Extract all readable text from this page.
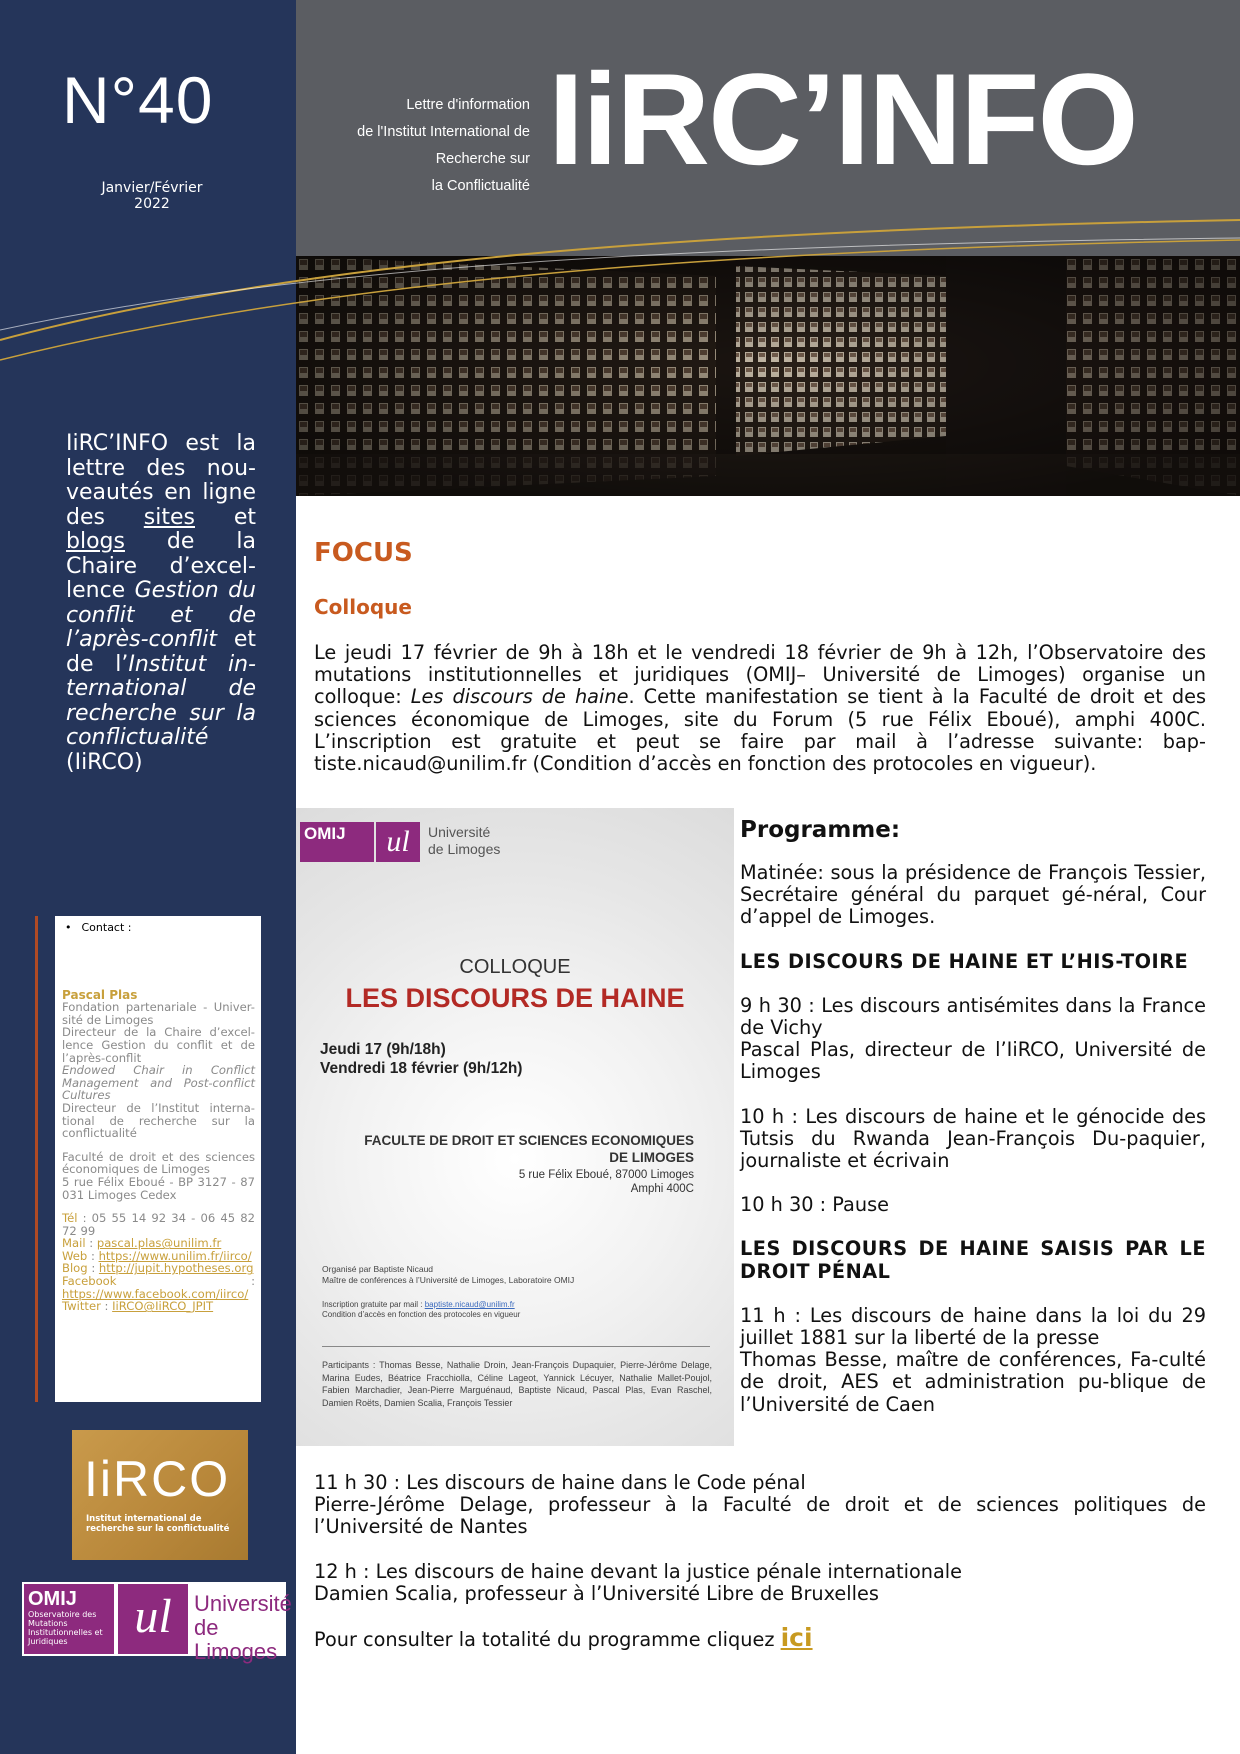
N°40
Janvier/Février
2022
IiRC’INFO est la lettre des nou-veautés en ligne des sites et blogs de la Chaire d’excel-lence Gestion du conflit et de l’après-conflit et de l’Institut in-ternational de recherche sur la conflictualité (IiRCO)
• Contact :
Pascal Plas

Fondation partenariale - Univer-sité de Limoges

Directeur de la Chaire d’excel-lence Gestion du conflit et de l’après-conflit

Endowed Chair in Conflict Management and Post-conflict Cultures

Directeur de l’Institut interna-tional de recherche sur la conflictualité

Faculté de droit et des sciences économiques de Limoges

5 rue Félix Eboué - BP 3127 - 87 031 Limoges Cedex

Tél : 05 55 14 92 34 - 06 45 82 72 99

Mail : pascal.plas@unilim.fr

Web : https://www.unilim.fr/iirco/

Blog : http://jupit.hypotheses.org

Facebook : https://www.facebook.com/iirco/

Twitter : IiRCO@IiRCO_JPIT

IiRCO
Institut international de recherche sur la conflictualité
OMIJ
Observatoire des Mutations Institutionnelles et Juridiques	ul	Université
de Limoges
Lettre d'information
de l'Institut International de
Recherche sur
la Conflictualité IiRC’INFO
FOCUS
Colloque
Le jeudi 17 février de 9h à 18h et le vendredi 18 février de 9h à 12h, l’Observatoire des mutations institutionnelles et juridiques (OMIJ– Université de Limoges) organise un colloque: Les discours de haine. Cette manifestation se tient à la Faculté de droit et des sciences économique de Limoges, site du Forum (5 rue Félix Eboué), amphi 400C. L’inscription est gratuite et peut se faire par mail à l’adresse suivante: bap-tiste.nicaud@unilim.fr (Condition d’accès en fonction des protocoles en vigueur).
OMIJ	ul	Université
de Limoges
COLLOQUE
LES DISCOURS DE HAINE
Jeudi 17 (9h/18h)
Vendredi 18 février (9h/12h)
FACULTE DE DROIT ET SCIENCES ECONOMIQUES
DE LIMOGES
5 rue Félix Eboué, 87000 Limoges
Amphi 400C
Organisé par Baptiste Nicaud
Maître de conférences à l’Université de Limoges, Laboratoire OMIJ
Inscription gratuite par mail : baptiste.nicaud@unilim.fr
Condition d’accès en fonction des protocoles en vigueur
Participants : Thomas Besse, Nathalie Droin, Jean-François Dupaquier, Pierre-Jérôme Delage, Marina Eudes, Béatrice Fracchiolla, Céline Lageot, Yannick Lécuyer, Nathalie Mallet-Poujol, Fabien Marchadier, Jean-Pierre Marguénaud, Baptiste Nicaud, Pascal Plas, Evan Raschel, Damien Roëts, Damien Scalia, François Tessier
Programme:

Matinée: sous la présidence de François Tessier, Secrétaire général du parquet gé-néral, Cour d’appel de Limoges.

LES DISCOURS DE HAINE ET L’HIS-TOIRE

9 h 30 : Les discours antisémites dans la France de Vichy
Pascal Plas, directeur de l’IiRCO, Université de Limoges

10 h : Les discours de haine et le génocide des Tutsis du Rwanda Jean-François Du-paquier, journaliste et écrivain

10 h 30 : Pause

LES DISCOURS DE HAINE SAISIS PAR LE DROIT PÉNAL

11 h : Les discours de haine dans la loi du 29 juillet 1881 sur la liberté de la presse
Thomas Besse, maître de conférences, Fa-culté de droit, AES et administration pu-blique de l’Université de Caen

11 h 30 : Les discours de haine dans le Code pénal
Pierre-Jérôme Delage, professeur à la Faculté de droit et de sciences politiques de l’Université de Nantes

12 h : Les discours de haine devant la justice pénale internationale
Damien Scalia, professeur à l’Université Libre de Bruxelles

Pour consulter la totalité du programme cliquez ici
